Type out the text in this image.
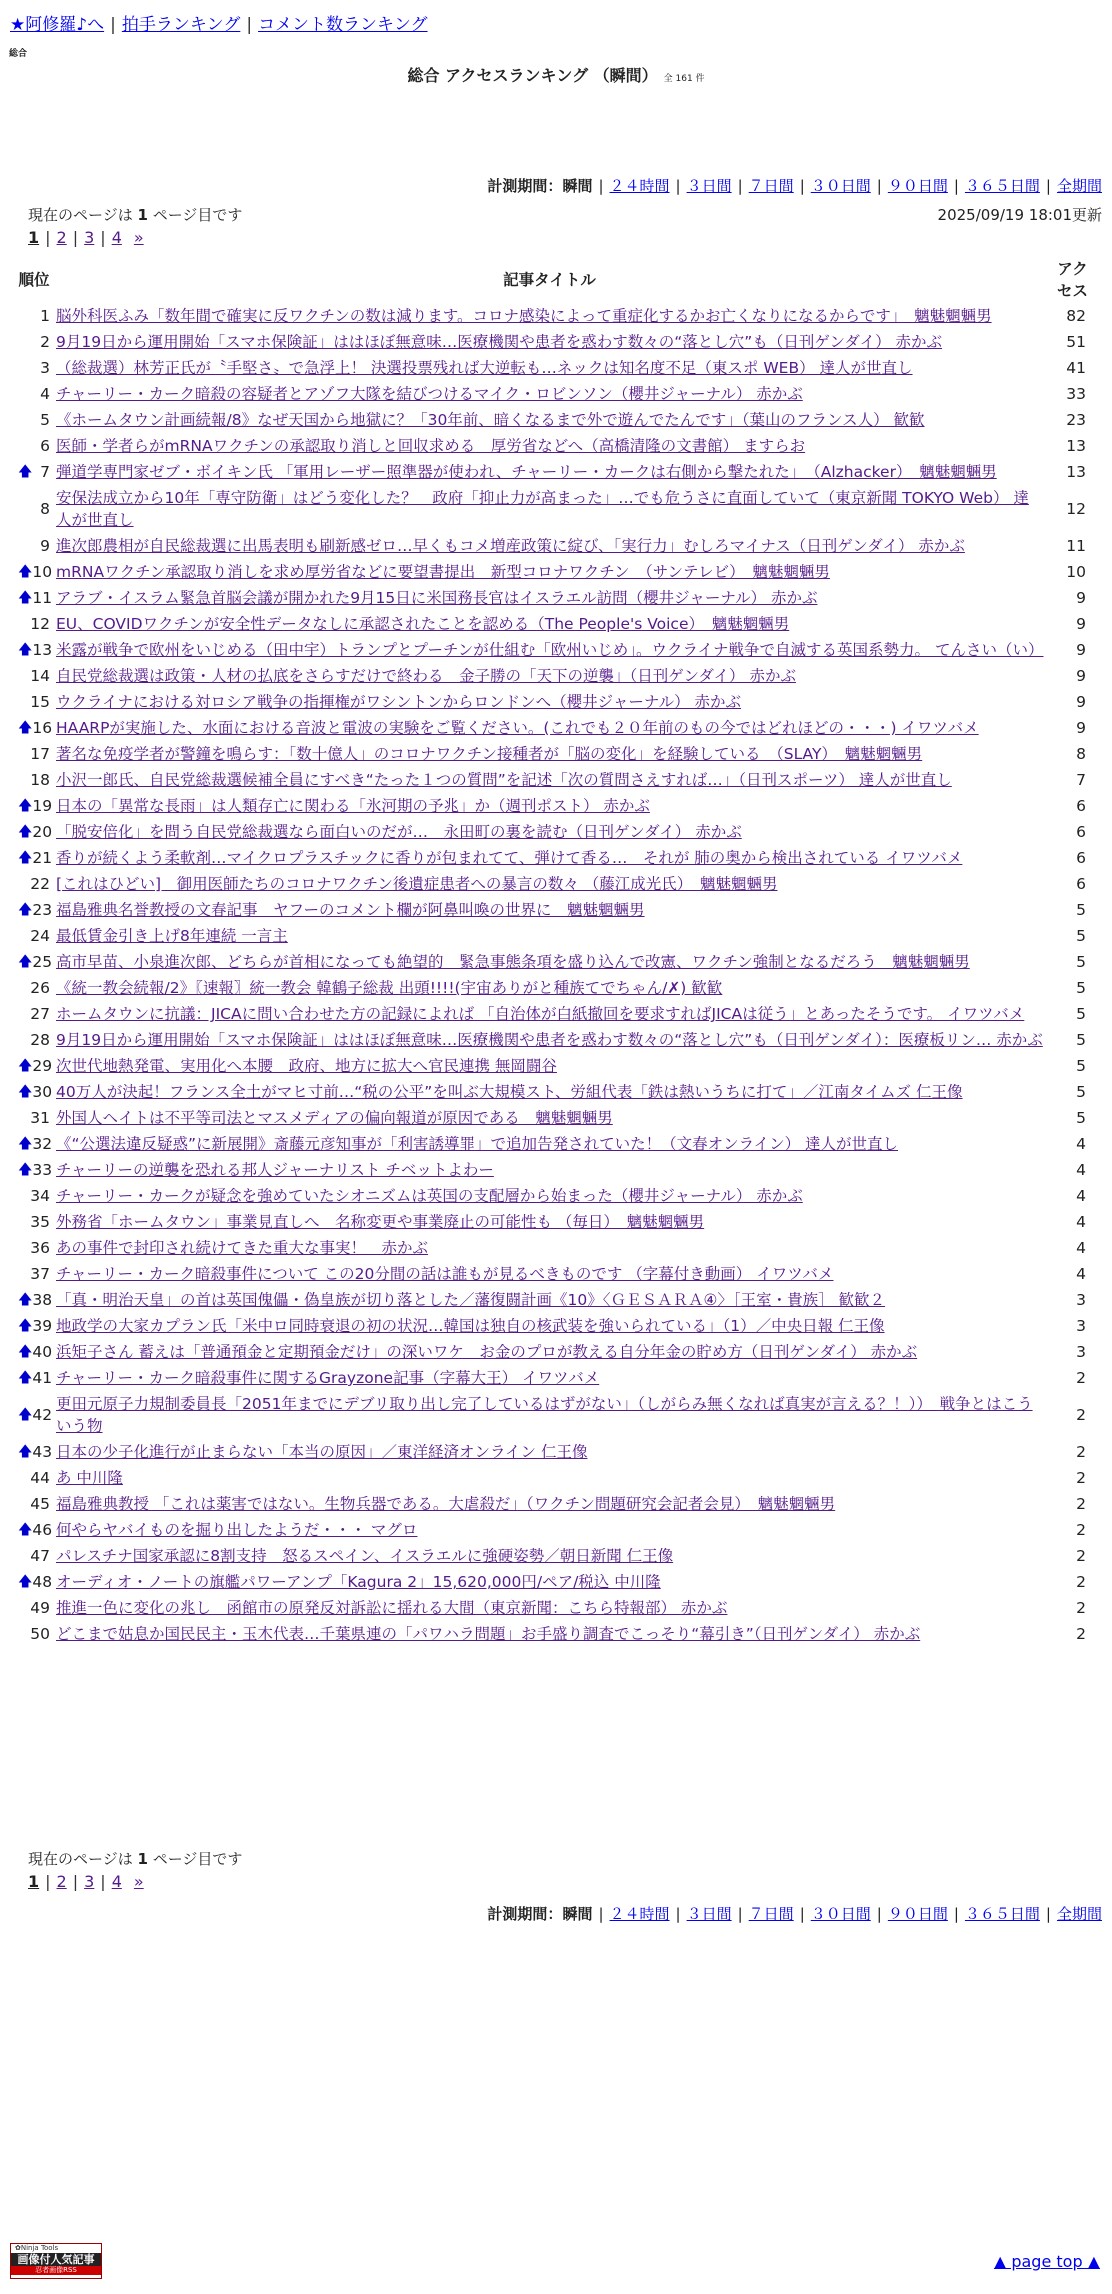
★阿修羅♪へ | 拍手ランキング | コメント数ランキング
総合
総合 アクセスランキング （瞬間） 全 161 件
計測期間：瞬間 | ２４時間 | ３日間 | ７日間 | ３０日間 | ９０日間 | ３６５日間 | 全期間
現在のページは 1 ページ目です	2025/09/19 18:01更新
1 | 2 | 3 | 4 »
順位	記事タイトル	アク
セス
1	脳外科医ふみ「数年間で確実に反ワクチンの数は減ります。コロナ感染によって重症化するかお亡くなりになるからです」　魑魅魍魎男	82
2	9月19日から運用開始「スマホ保険証」ははほぼ無意味…医療機関や患者を惑わす数々の“落とし穴”も（日刊ゲンダイ） 赤かぶ	51
3	（総裁選）林芳正氏が〝手堅さ〟で急浮上！ 決選投票残れば大逆転も…ネックは知名度不足（東スポ WEB） 達人が世直し	41
4	チャーリー・カーク暗殺の容疑者とアゾフ大隊を結びつけるマイク・ロビンソン（櫻井ジャーナル） 赤かぶ	33
5	《ホームタウン計画続報/8》なぜ天国から地獄に？「30年前、暗くなるまで外で遊んでたんです」（葉山のフランス人） 歓歓	23
6	医師・学者らがmRNAワクチンの承認取り消しと回収求める　厚労省などへ（高橋清隆の文書館） ますらお	13

🡅 7	弾道学専門家ゼブ・ボイキン氏 「軍用レーザー照準器が使われ、チャーリー・カークは右側から撃たれた」　（Alzhacker）　魑魅魍魎男	13
8	安保法成立から10年「専守防衛」はどう変化した？　政府「抑止力が高まった」…でも危うさに直面していて（東京新聞 TOKYO Web） 達人が世直し	12
9	進次郎農相が自民総裁選に出馬表明も刷新感ゼロ…早くもコメ増産政策に綻び、「実行力」むしろマイナス（日刊ゲンダイ） 赤かぶ	11

🡅 10	mRNAワクチン承認取り消しを求め厚労省などに要望書提出　新型コロナワクチン　（サンテレビ）　魑魅魍魎男	10

🡅 11	アラブ・イスラム緊急首脳会議が開かれた9月15日に米国務長官はイスラエル訪問（櫻井ジャーナル） 赤かぶ	9
12	EU、COVIDワクチンが安全性データなしに承認されたことを認める（The People's Voice）　魑魅魍魎男	9

🡅 13	米露が戦争で欧州をいじめる（田中宇）トランプとプーチンが仕組む「欧州いじめ」。ウクライナ戦争で自滅する英国系勢力。 てんさい（い）	9
14	自民党総裁選は政策・人材の払底をさらすだけで終わる　金子勝の「天下の逆襲」（日刊ゲンダイ） 赤かぶ	9
15	ウクライナにおける対ロシア戦争の指揮権がワシントンからロンドンへ（櫻井ジャーナル） 赤かぶ	9

🡅 16	HAARPが実施した、水面における音波と電波の実験をご覧ください。(これでも２０年前のもの今ではどれほどの・・・) イワツバメ	9
17	著名な免疫学者が警鐘を鳴らす：「数十億人」のコロナワクチン接種者が「脳の変化」を経験している　（SLAY）　魑魅魍魎男	8
18	小沢一郎氏、自民党総裁選候補全員にすべき“たった１つの質問”を記述「次の質問さえすれば…」（日刊スポーツ） 達人が世直し	7

🡅 19	日本の「異常な長雨」は人類存亡に関わる「氷河期の予兆」か（週刊ポスト） 赤かぶ	6

🡅 20	「脱安倍化」を問う自民党総裁選なら面白いのだが…　永田町の裏を読む（日刊ゲンダイ） 赤かぶ	6

🡅 21	香りが続くよう柔軟剤…マイクロプラスチックに香りが包まれてて、弾けて香る…　それが 肺の奥から検出されている イワツバメ	6
22	[これはひどい]　御用医師たちのコロナワクチン後遺症患者への暴言の数々 （藤江成光氏）　魑魅魍魎男	6

🡅 23	福島雅典名誉教授の文春記事　ヤフーのコメント欄が阿鼻叫喚の世界に　魑魅魍魎男	5
24	最低賃金引き上げ8年連続 一言主	5

🡅 25	高市早苗、小泉進次郎、どちらが首相になっても絶望的　緊急事態条項を盛り込んで改憲、ワクチン強制となるだろう　魑魅魍魎男	5
26	《統一教会続報/2》〖速報〗統一教会 韓鶴子総裁 出頭!!!!(宇宙ありがと種族てでちゃん/✗) 歓歓	5
27	ホームタウンに抗議：JICAに問い合わせた方の記録によれば 「自治体が白紙撤回を要求すればJICAは従う」とあったそうです。 イワツバメ	5
28	9月19日から運用開始「スマホ保険証」ははほぼ無意味…医療機関や患者を惑わす数々の“落とし穴”も（日刊ゲンダイ）：医療板リン… 赤かぶ	5

🡅 29	次世代地熱発電、実用化へ本腰　政府、地方に拡大へ官民連携 無岡闘谷	5

🡅 30	40万人が決起！フランス全土がマヒ寸前…“税の公平”を叫ぶ大規模スト、労組代表「鉄は熱いうちに打て」／江南タイムズ 仁王像	5
31	外国人ヘイトは不平等司法とマスメディアの偏向報道が原因である　魑魅魍魎男	5

🡅 32	《“公選法違反疑惑”に新展開》斎藤元彦知事が「利害誘導罪」で追加告発されていた！（文春オンライン） 達人が世直し	4

🡅 33	チャーリーの逆襲を恐れる邦人ジャーナリスト チベットよわー	4
34	チャーリー・カークが疑念を強めていたシオニズムは英国の支配層から始まった（櫻井ジャーナル） 赤かぶ	4
35	外務省「ホームタウン」事業見直しへ　名称変更や事業廃止の可能性も （毎日）　魑魅魍魎男	4
36	あの事件で封印され続けてきた重大な事実！　赤かぶ	4
37	チャーリー・カーク暗殺事件について この20分間の話は誰もが見るべきものです （字幕付き動画） イワツバメ	4

🡅 38	「真・明治天皇」の首は英国傀儡・偽皇族が切り落とした／藩復闘計画《10》〈ＧＥＳＡＲＡ④〉［王室・貴族］ 歓歓２	3

🡅 39	地政学の大家カプラン氏「米中ロ同時衰退の初の状況…韓国は独自の核武装を強いられている」（1）／中央日報 仁王像	3

🡅 40	浜矩子さん 蓄えは「普通預金と定期預金だけ」の深いワケ　お金のプロが教える自分年金の貯め方（日刊ゲンダイ） 赤かぶ	3

🡅 41	チャーリー・カーク暗殺事件に関するGrayzone記事（字幕大王） イワツバメ	2

🡅 42	更田元原子力規制委員長「2051年までにデブリ取り出し完了しているはずがない」（しがらみ無くなれば真実が言える？！））　戦争とはこういう物	2

🡅 43	日本の少子化進行が止まらない「本当の原因」／東洋経済オンライン 仁王像	2
44	あ 中川隆	2
45	福島雅典教授 「これは薬害ではない。生物兵器である。大虐殺だ」（ワクチン問題研究会記者会見）　魑魅魍魎男	2

🡅 46	何やらヤバイものを掘り出したようだ・・・ マグロ	2
47	パレスチナ国家承認に8割支持　怒るスペイン、イスラエルに強硬姿勢／朝日新聞 仁王像	2

🡅 48	オーディオ・ノートの旗艦パワーアンプ「Kagura 2」15,620,000円/ペア/税込 中川隆	2
49	推進一色に変化の兆し　函館市の原発反対訴訟に揺れる大間（東京新聞：こちら特報部） 赤かぶ	2
50	どこまで姑息か国民民主・玉木代表…千葉県連の「パワハラ問題」お手盛り調査でこっそり“幕引き”（日刊ゲンダイ） 赤かぶ	2
現在のページは 1 ページ目です
1 | 2 | 3 | 4 »
計測期間：瞬間 | ２４時間 | ３日間 | ７日間 | ３０日間 | ９０日間 | ３６５日間 | 全期間
✿Ninja Tools
画像付人気記事
忍者画像RSS	▲ page top ▲
